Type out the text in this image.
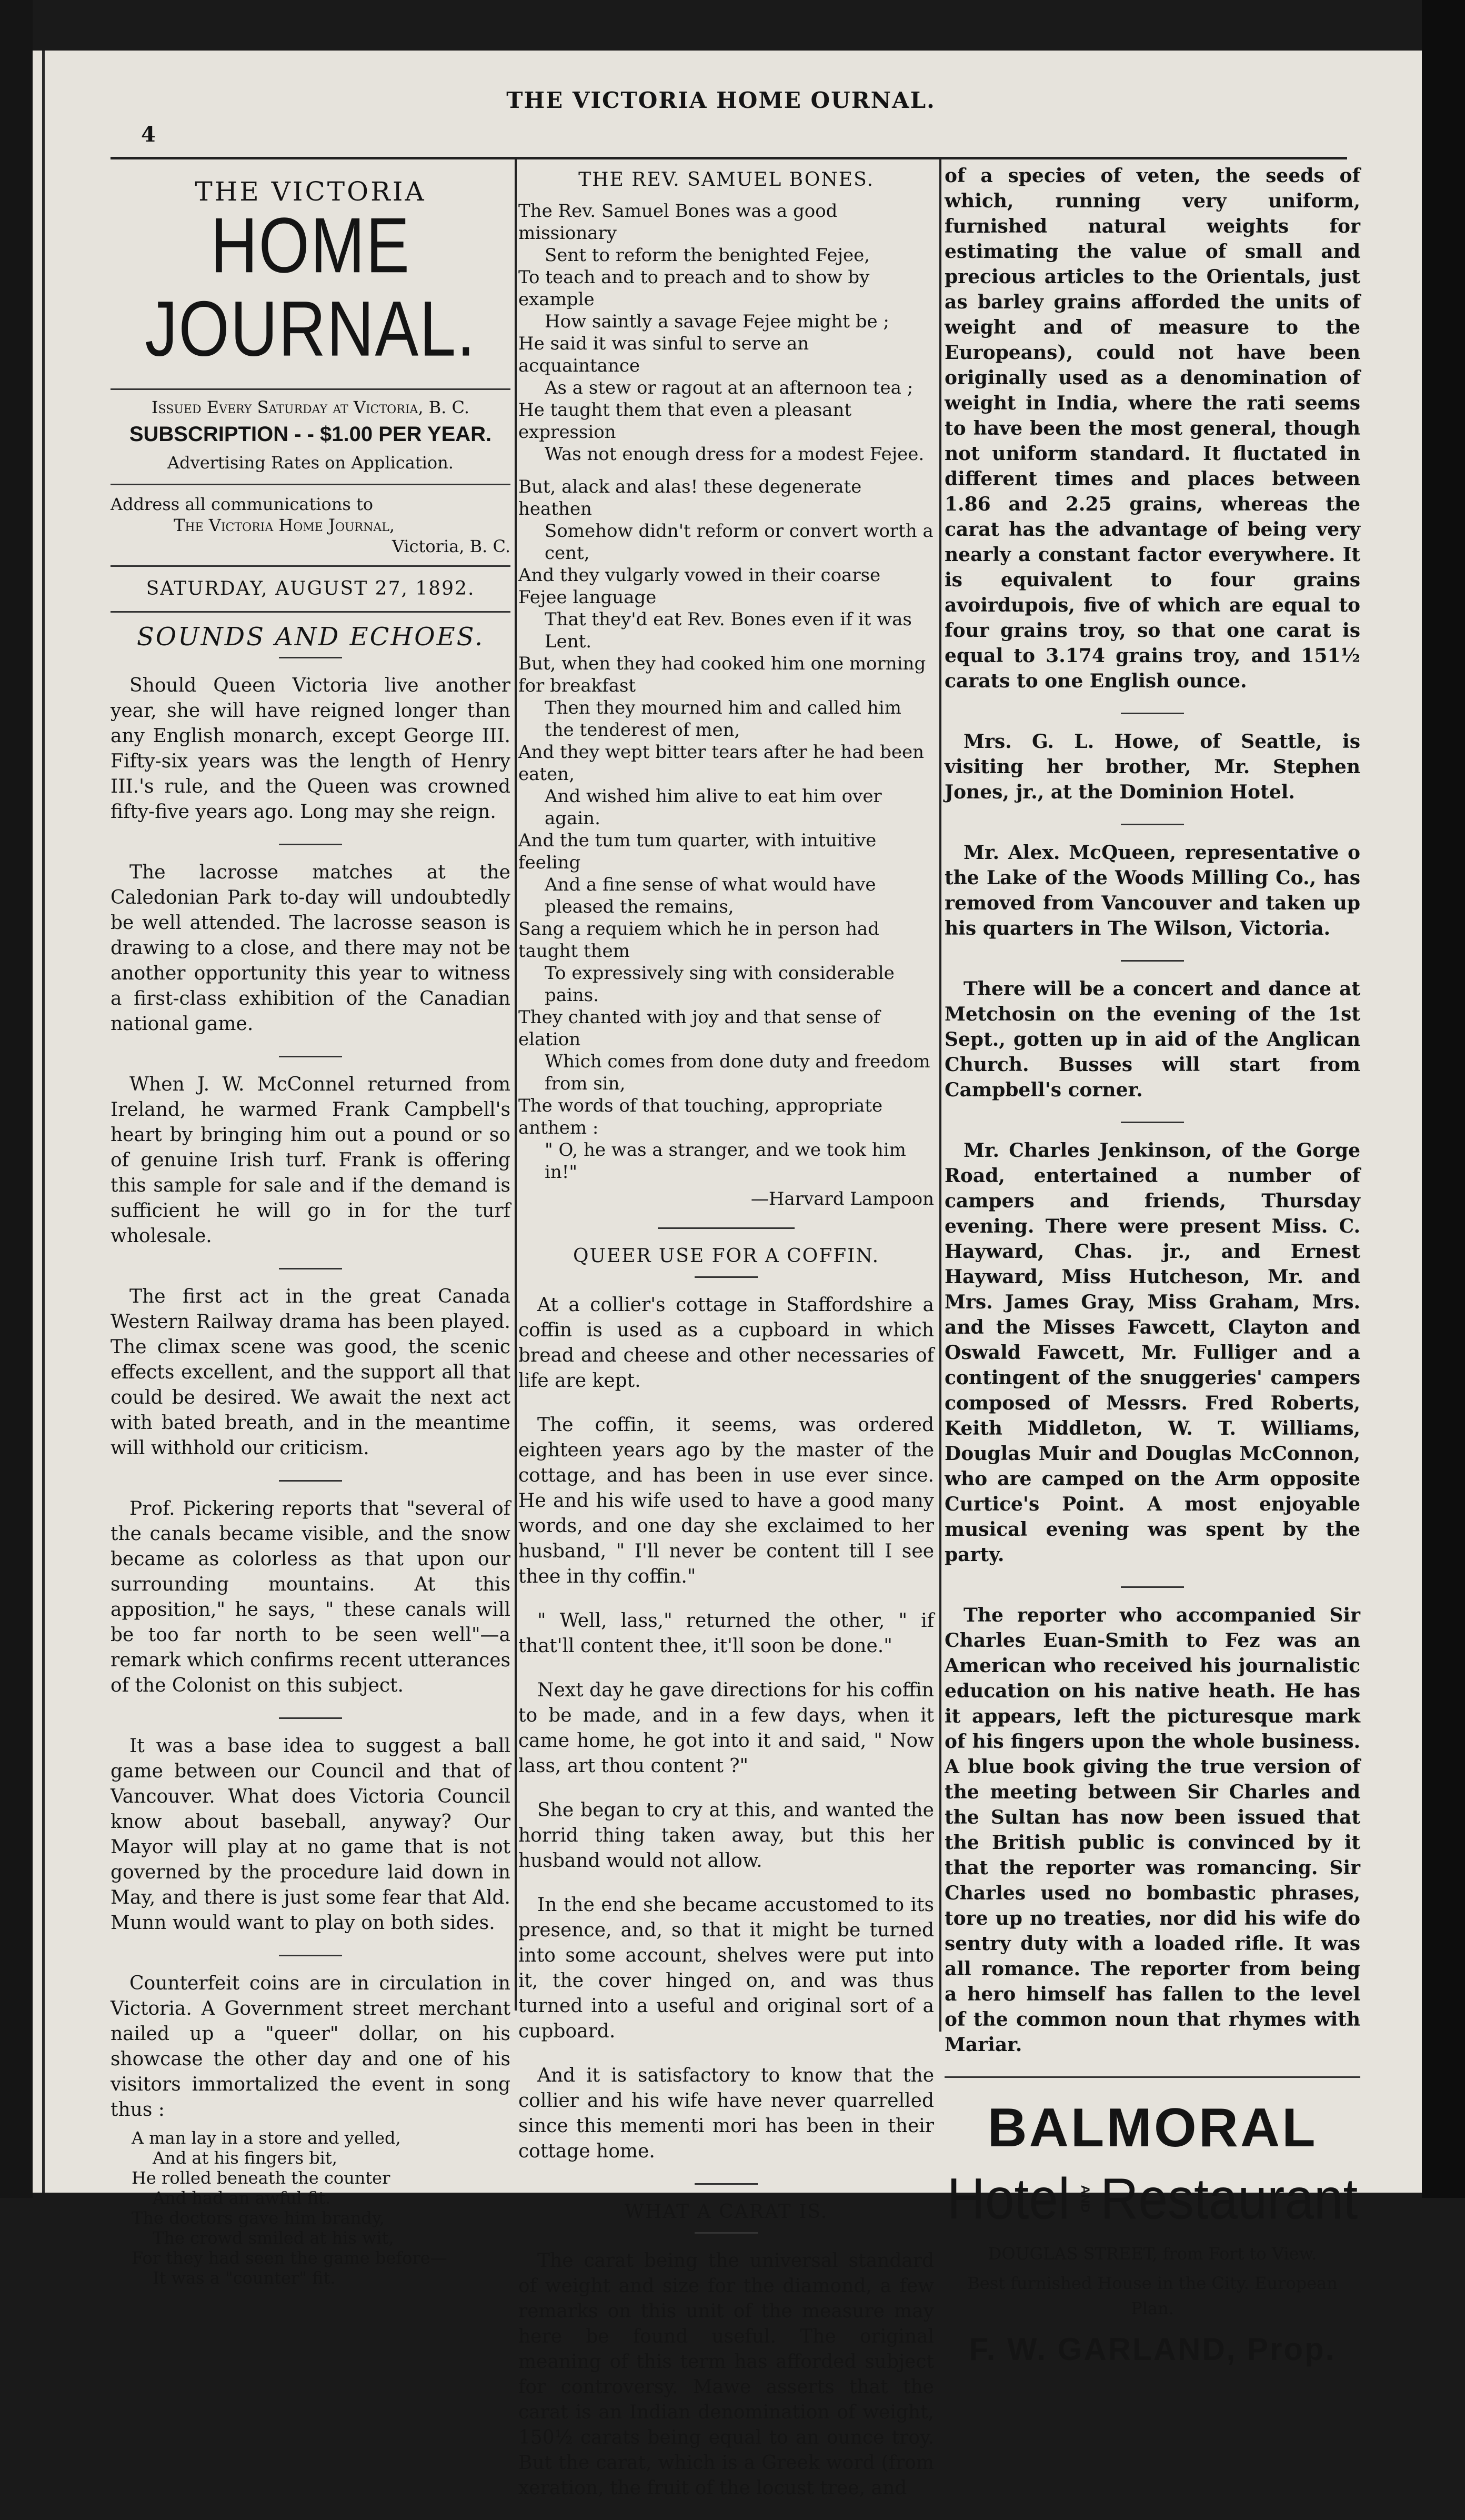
THE VICTORIA HOME OURNAL.
4
THE VICTORIA
HOME JOURNAL.
Issued Every Saturday at Victoria, B. C.
SUBSCRIPTION - - $1.00 PER YEAR.
Advertising Rates on Application.
Address all communications to
The Victoria Home Journal,
Victoria, B. C.
SATURDAY, AUGUST 27, 1892.
SOUNDS AND ECHOES.

Should Queen Victoria live another year, she will have reigned longer than any English monarch, except George III. Fifty-six years was the length of Henry III.'s rule, and the Queen was crowned fifty-five years ago. Long may she reign.

The lacrosse matches at the Caledonian Park to-day will undoubtedly be well attended. The lacrosse season is drawing to a close, and there may not be another opportunity this year to witness a first-class exhibition of the Canadian national game.

When J. W. McConnel returned from Ireland, he warmed Frank Campbell's heart by bringing him out a pound or so of genuine Irish turf. Frank is offering this sample for sale and if the demand is sufficient he will go in for the turf wholesale.

The first act in the great Canada Western Railway drama has been played. The climax scene was good, the scenic effects excellent, and the support all that could be desired. We await the next act with bated breath, and in the meantime will withhold our criticism.

Prof. Pickering reports that "several of the canals became visible, and the snow became as colorless as that upon our surrounding mountains. At this apposition," he says, " these canals will be too far north to be seen well"—a remark which confirms recent utterances of the Colonist on this subject.

It was a base idea to suggest a ball game between our Council and that of Vancouver. What does Victoria Council know about baseball, anyway? Our Mayor will play at no game that is not governed by the procedure laid down in May, and there is just some fear that Ald. Munn would want to play on both sides.

Counterfeit coins are in circulation in Victoria. A Government street merchant nailed up a "queer" dollar, on his showcase the other day and one of his visitors immortalized the event in song thus :

A man lay in a store and yelled,
And at his fingers bit,
He rolled beneath the counter
And had an awful fit.
The doctors gave him brandy,
The crowd smiled at his wit,
For they had seen the game before—
It was a "counter" fit.
THE REV. SAMUEL BONES.
The Rev. Samuel Bones was a good missionary
Sent to reform the benighted Fejee,
To teach and to preach and to show by example
How saintly a savage Fejee might be ;
He said it was sinful to serve an acquaintance
As a stew or ragout at an afternoon tea ;
He taught them that even a pleasant expression
Was not enough dress for a modest Fejee.
But, alack and alas! these degenerate heathen
Somehow didn't reform or convert worth a cent,
And they vulgarly vowed in their coarse Fejee language
That they'd eat Rev. Bones even if it was Lent.
But, when they had cooked him one morning for breakfast
Then they mourned him and called him the tenderest of men,
And they wept bitter tears after he had been eaten,
And wished him alive to eat him over again.
And the tum tum quarter, with intuitive feeling
And a fine sense of what would have pleased the remains,
Sang a requiem which he in person had taught them
To expressively sing with considerable pains.
They chanted with joy and that sense of elation
Which comes from done duty and freedom from sin,
The words of that touching, appropriate anthem :
" O, he was a stranger, and we took him in!"
—Harvard Lampoon
QUEER USE FOR A COFFIN.

At a collier's cottage in Staffordshire a coffin is used as a cupboard in which bread and cheese and other necessaries of life are kept.

The coffin, it seems, was ordered eighteen years ago by the master of the cottage, and has been in use ever since. He and his wife used to have a good many words, and one day she exclaimed to her husband, " I'll never be content till I see thee in thy coffin."

" Well, lass," returned the other, " if that'll content thee, it'll soon be done."

Next day he gave directions for his coffin to be made, and in a few days, when it came home, he got into it and said, " Now lass, art thou content ?"

She began to cry at this, and wanted the horrid thing taken away, but this her husband would not allow.

In the end she became accustomed to its presence, and, so that it might be turned into some account, shelves were put into it, the cover hinged on, and was thus turned into a useful and original sort of a cupboard.

And it is satisfactory to know that the collier and his wife have never quarrelled since this mementi mori has been in their cottage home.

WHAT A CARAT IS.

The carat being the universal standard of weight and size for the diamond, a few remarks on this unit of the measure may here be found useful. The original meaning of this term has afforded subject for controversy. Mawe asserts that the carat is an Indian denomination of weight, 150½ carats being equal to an ounce troy. But the carat, which is a Greek word (from xeration, the fruit of the locust tree, and

of a species of veten, the seeds of which, running very uniform, furnished natural weights for estimating the value of small and precious articles to the Orientals, just as barley grains afforded the units of weight and of measure to the Europeans), could not have been originally used as a denomination of weight in India, where the rati seems to have been the most general, though not uniform standard. It fluctated in different times and places between 1.86 and 2.25 grains, whereas the carat has the advantage of being very nearly a constant factor everywhere. It is equivalent to four grains avoirdupois, five of which are equal to four grains troy, so that one carat is equal to 3.174 grains troy, and 151½ carats to one English ounce.

Mrs. G. L. Howe, of Seattle, is visiting her brother, Mr. Stephen Jones, jr., at the Dominion Hotel.

Mr. Alex. McQueen, representative o the Lake of the Woods Milling Co., has removed from Vancouver and taken up his quarters in The Wilson, Victoria.

There will be a concert and dance at Metchosin on the evening of the 1st Sept., gotten up in aid of the Anglican Church. Busses will start from Campbell's corner.

Mr. Charles Jenkinson, of the Gorge Road, entertained a number of campers and friends, Thursday evening. There were present Miss. C. Hayward, Chas. jr., and Ernest Hayward, Miss Hutcheson, Mr. and Mrs. James Gray, Miss Graham, Mrs. and the Misses Fawcett, Clayton and Oswald Fawcett, Mr. Fulliger and a contingent of the snuggeries' campers composed of Messrs. Fred Roberts, Keith Middleton, W. T. Williams, Douglas Muir and Douglas McConnon, who are camped on the Arm opposite Curtice's Point. A most enjoyable musical evening was spent by the party.

The reporter who accompanied Sir Charles Euan-Smith to Fez was an American who received his journalistic education on his native heath. He has it appears, left the picturesque mark of his fingers upon the whole business. A blue book giving the true version of the meeting between Sir Charles and the Sultan has now been issued that the British public is convinced by it that the reporter was romancing. Sir Charles used no bombastic phrases, tore up no treaties, nor did his wife do sentry duty with a loaded rifle. It was all romance. The reporter from being a hero himself has fallen to the level of the common noun that rhymes with Mariar.

BALMORAL
Hotel AND Restaurant
DOUGLAS STREET, from Fort to View.
Best furnished House in the City. European Plan.
F. W. GARLAND, Prop.
